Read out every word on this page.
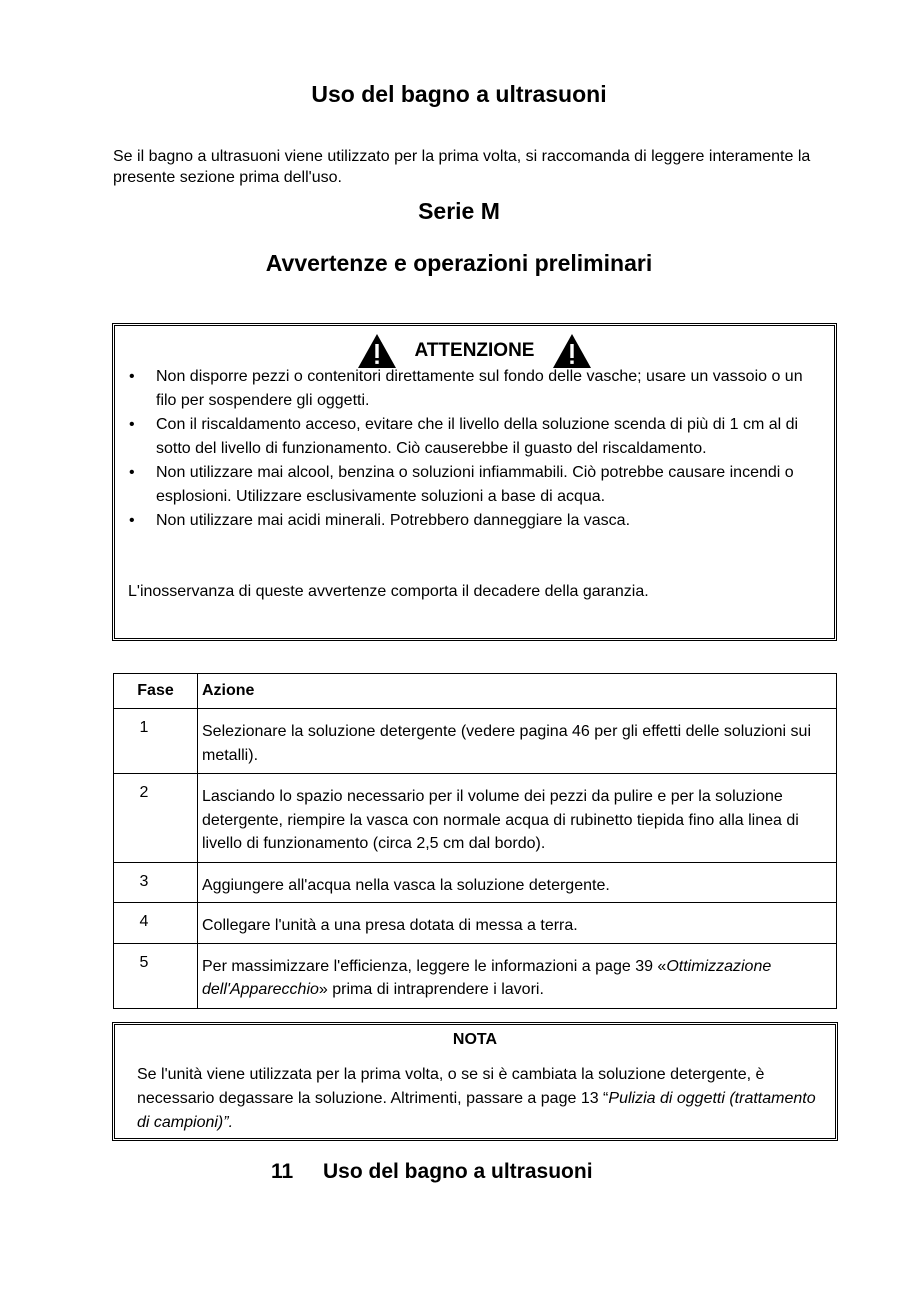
Uso del bagno a ultrasuoni
Se il bagno a ultrasuoni viene utilizzato per la prima volta, si raccomanda di leggere interamente la presente sezione prima dell'uso.
Serie M
Avvertenze e operazioni preliminari
ATTENZIONE
• Non disporre pezzi o contenitori direttamente sul fondo delle vasche; usare un vassoio o un filo per sospendere gli oggetti.
• Con il riscaldamento acceso, evitare che il livello della soluzione scenda di più di 1 cm al di sotto del livello di funzionamento. Ciò causerebbe il guasto del riscaldamento.
• Non utilizzare mai alcool, benzina o soluzioni infiammabili. Ciò potrebbe causare incendi o esplosioni. Utilizzare esclusivamente soluzioni a base di acqua.
• Non utilizzare mai acidi minerali. Potrebbero danneggiare la vasca.
L'inosservanza di queste avvertenze comporta il decadere della garanzia.
Fase	Azione
1	Selezionare la soluzione detergente (vedere pagina 46 per gli effetti delle soluzioni sui metalli).
2	Lasciando lo spazio necessario per il volume dei pezzi da pulire e per la soluzione detergente, riempire la vasca con normale acqua di rubinetto tiepida fino alla linea di livello di funzionamento (circa 2,5 cm dal bordo).
3	Aggiungere all'acqua nella vasca la soluzione detergente.
4	Collegare l'unità a una presa dotata di messa a terra.
5	Per massimizzare l'efficienza, leggere le informazioni a page 39 «Ottimizzazione dell'Apparecchio» prima di intraprendere i lavori.
NOTA
Se l'unità viene utilizzata per la prima volta, o se si è cambiata la soluzione detergente, è necessario degassare la soluzione. Altrimenti, passare a page 13 “Pulizia di oggetti (trattamento di campioni)”.
11 Uso del bagno a ultrasuoni
